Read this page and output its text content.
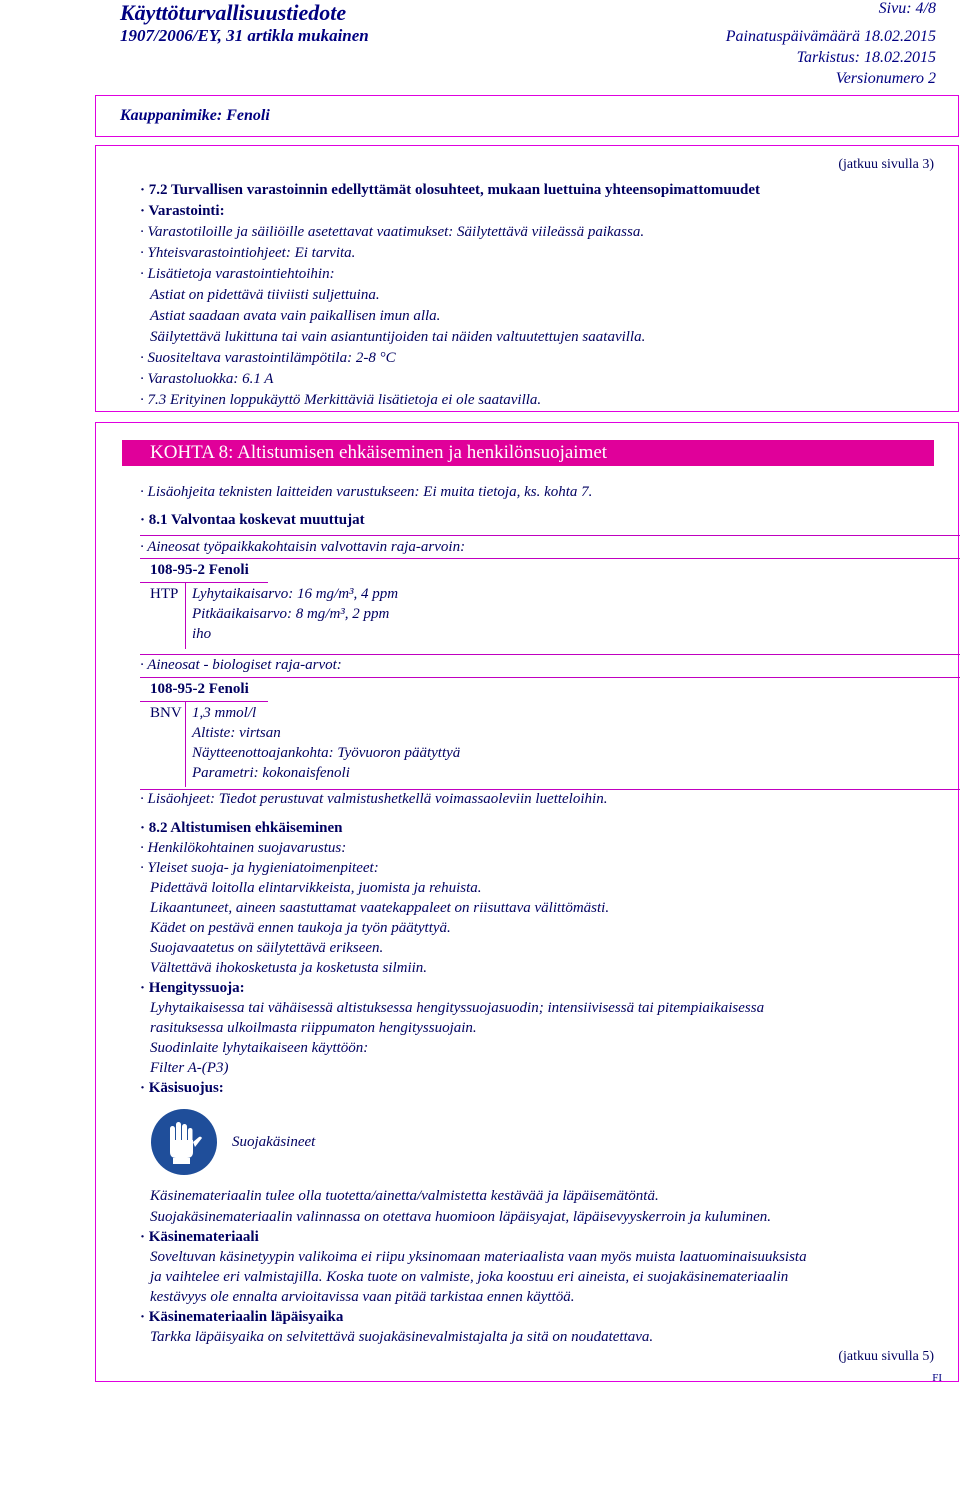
Käyttöturvallisuustiedote
1907/2006/EY, 31 artikla mukainen
Sivu: 4/8
Painatuspäivämäärä 18.02.2015
Tarkistus: 18.02.2015
Versionumero 2
Kauppanimike: Fenoli
(jatkuu sivulla 3)
· 7.2 Turvallisen varastoinnin edellyttämät olosuhteet, mukaan luettuina yhteensopimattomuudet
· Varastointi:
· Varastotiloille ja säiliöille asetettavat vaatimukset: Säilytettävä viileässä paikassa.
· Yhteisvarastointiohjeet: Ei tarvita.
· Lisätietoja varastointiehtoihin:
Astiat on pidettävä tiiviisti suljettuina.
Astiat saadaan avata vain paikallisen imun alla.
Säilytettävä lukittuna tai vain asiantuntijoiden tai näiden valtuutettujen saatavilla.
· Suositeltava varastointilämpötila: 2-8 °C
· Varastoluokka: 6.1 A
· 7.3 Erityinen loppukäyttö Merkittäviä lisätietoja ei ole saatavilla.
KOHTA 8: Altistumisen ehkäiseminen ja henkilönsuojaimet
· Lisäohjeita teknisten laitteiden varustukseen: Ei muita tietoja, ks. kohta 7.
· 8.1 Valvontaa koskevat muuttujat
· Aineosat työpaikkakohtaisin valvottavin raja-arvoin:
108-95-2 Fenoli
HTP Lyhytaikaisarvo: 16 mg/m³, 4 ppm
Pitkäaikaisarvo: 8 mg/m³, 2 ppm
iho
· Aineosat - biologiset raja-arvot:
108-95-2 Fenoli
BNV 1,3 mmol/l
Altiste: virtsan
Näytteenottoajankohta: Työvuoron päätyttyä
Parametri: kokonaisfenoli
· Lisäohjeet: Tiedot perustuvat valmistushetkellä voimassaoleviin luetteloihin.
· 8.2 Altistumisen ehkäiseminen
· Henkilökohtainen suojavarustus:
· Yleiset suoja- ja hygieniatoimenpiteet:
Pidettävä loitolla elintarvikkeista, juomista ja rehuista.
Likaantuneet, aineen saastuttamat vaatekappaleet on riisuttava välittömästi.
Kädet on pestävä ennen taukoja ja työn päätyttyä.
Suojavaatetus on säilytettävä erikseen.
Vältettävä ihokosketusta ja kosketusta silmiin.
· Hengityssuoja:
Lyhytaikaisessa tai vähäisessä altistuksessa hengityssuojasuodin; intensiivisessä tai pitempiaikaisessa
rasituksessa ulkoilmasta riippumaton hengityssuojain.
Suodinlaite lyhytaikaiseen käyttöön:
Filter A-(P3)
· Käsisuojus:
Suojakäsineet
Käsinemateriaalin tulee olla tuotetta/ainetta/valmistetta kestävää ja läpäisemätöntä.
Suojakäsinemateriaalin valinnassa on otettava huomioon läpäisyajat, läpäisevyyskerroin ja kuluminen.
· Käsinemateriaali
Soveltuvan käsinetyypin valikoima ei riipu yksinomaan materiaalista vaan myös muista laatuominaisuuksista
ja vaihtelee eri valmistajilla. Koska tuote on valmiste, joka koostuu eri aineista, ei suojakäsinemateriaalin
kestävyys ole ennalta arvioitavissa vaan pitää tarkistaa ennen käyttöä.
· Käsinemateriaalin läpäisyaika
Tarkka läpäisyaika on selvitettävä suojakäsinevalmistajalta ja sitä on noudatettava.
(jatkuu sivulla 5)
FI
